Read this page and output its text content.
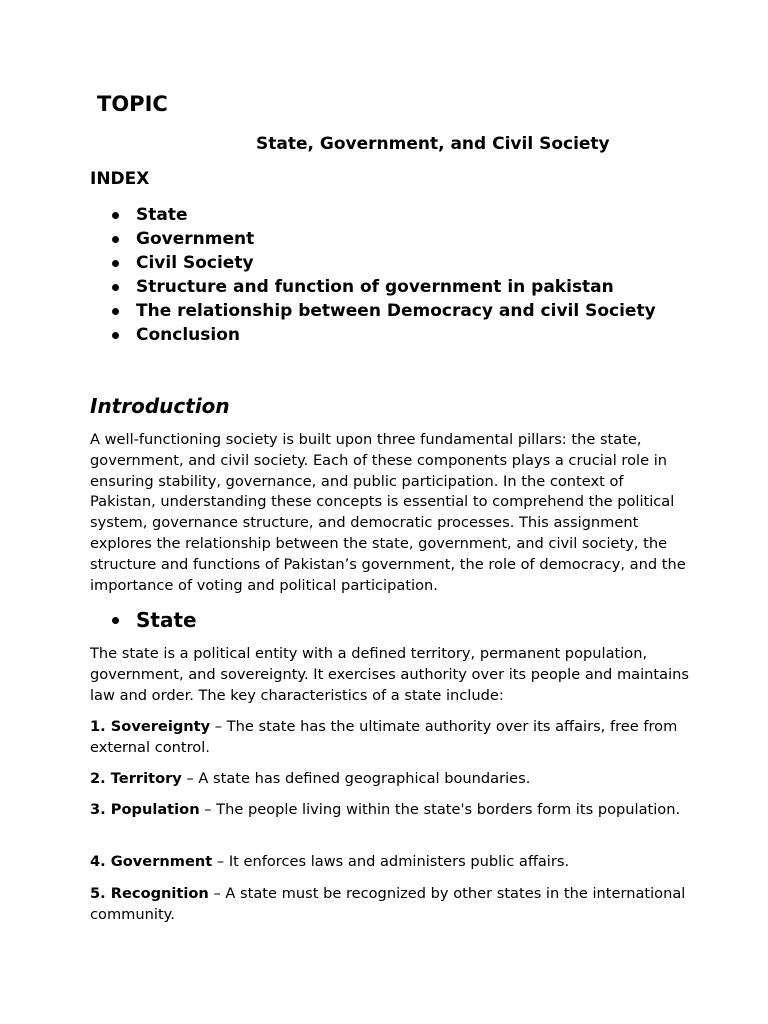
TOPIC
State, Government, and Civil Society
INDEX
State
Government
Civil Society
Structure and function of government in pakistan
The relationship between Democracy and civil Society
Conclusion
Introduction

A well-functioning society is built upon three fundamental pillars: the state, government, and civil society. Each of these components plays a crucial role in ensuring stability, governance, and public participation. In the context of Pakistan, understanding these concepts is essential to comprehend the political system, governance structure, and democratic processes. This assignment explores the relationship between the state, government, and civil society, the structure and functions of Pakistan’s government, the role of democracy, and the importance of voting and political participation.

State

The state is a political entity with a defined territory, permanent population, government, and sovereignty. It exercises authority over its people and maintains law and order. The key characteristics of a state include:

1. Sovereignty – The state has the ultimate authority over its affairs, free from external control.

2. Territory – A state has defined geographical boundaries.

3. Population – The people living within the state's borders form its population.

4. Government – It enforces laws and administers public affairs.

5. Recognition – A state must be recognized by other states in the international community.
